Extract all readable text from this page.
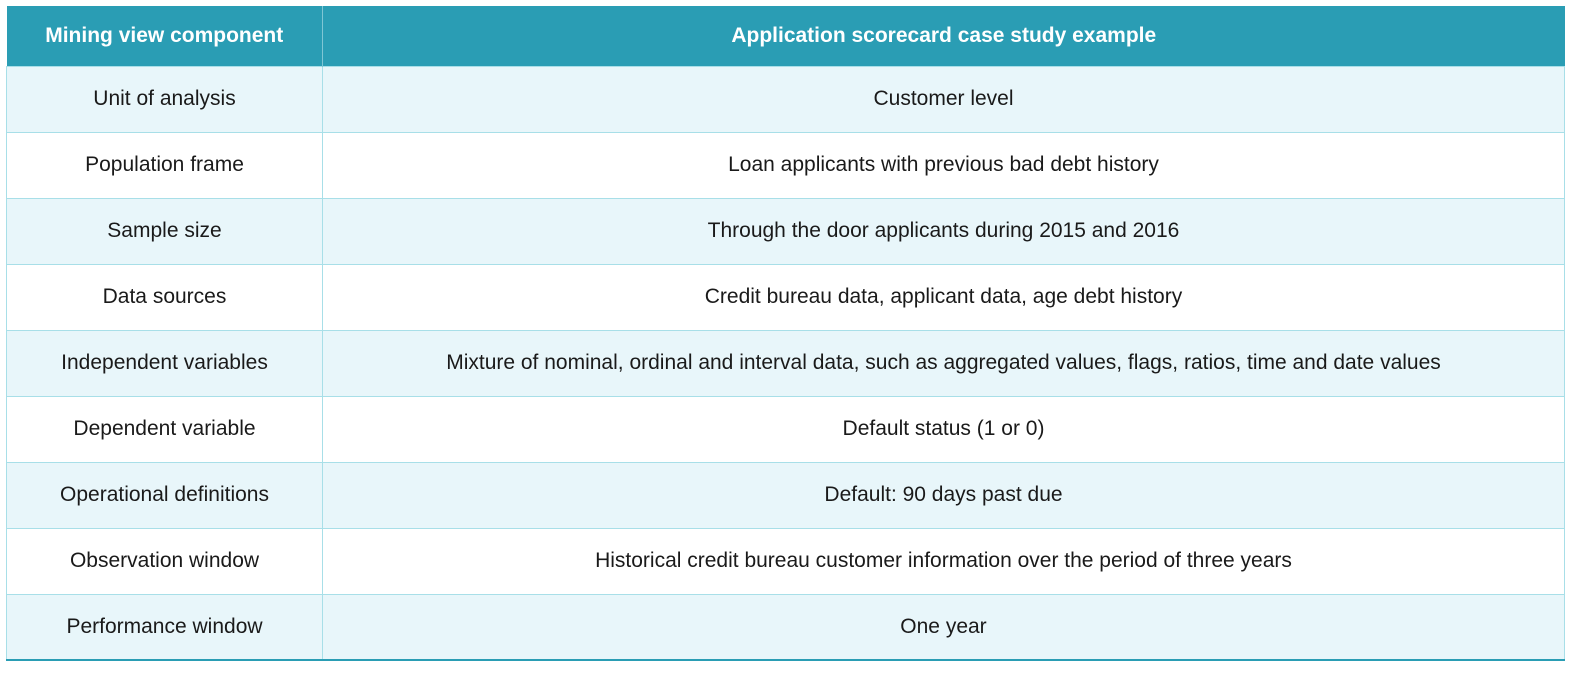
Mining view component	Application scorecard case study example
Unit of analysis	Customer level
Population frame	Loan applicants with previous bad debt history
Sample size	Through the door applicants during 2015 and 2016
Data sources	Credit bureau data, applicant data, age debt history
Independent variables	Mixture of nominal, ordinal and interval data, such as aggregated values, flags, ratios, time and date values
Dependent variable	Default status (1 or 0)
Operational definitions	Default: 90 days past due
Observation window	Historical credit bureau customer information over the period of three years
Performance window	One year
